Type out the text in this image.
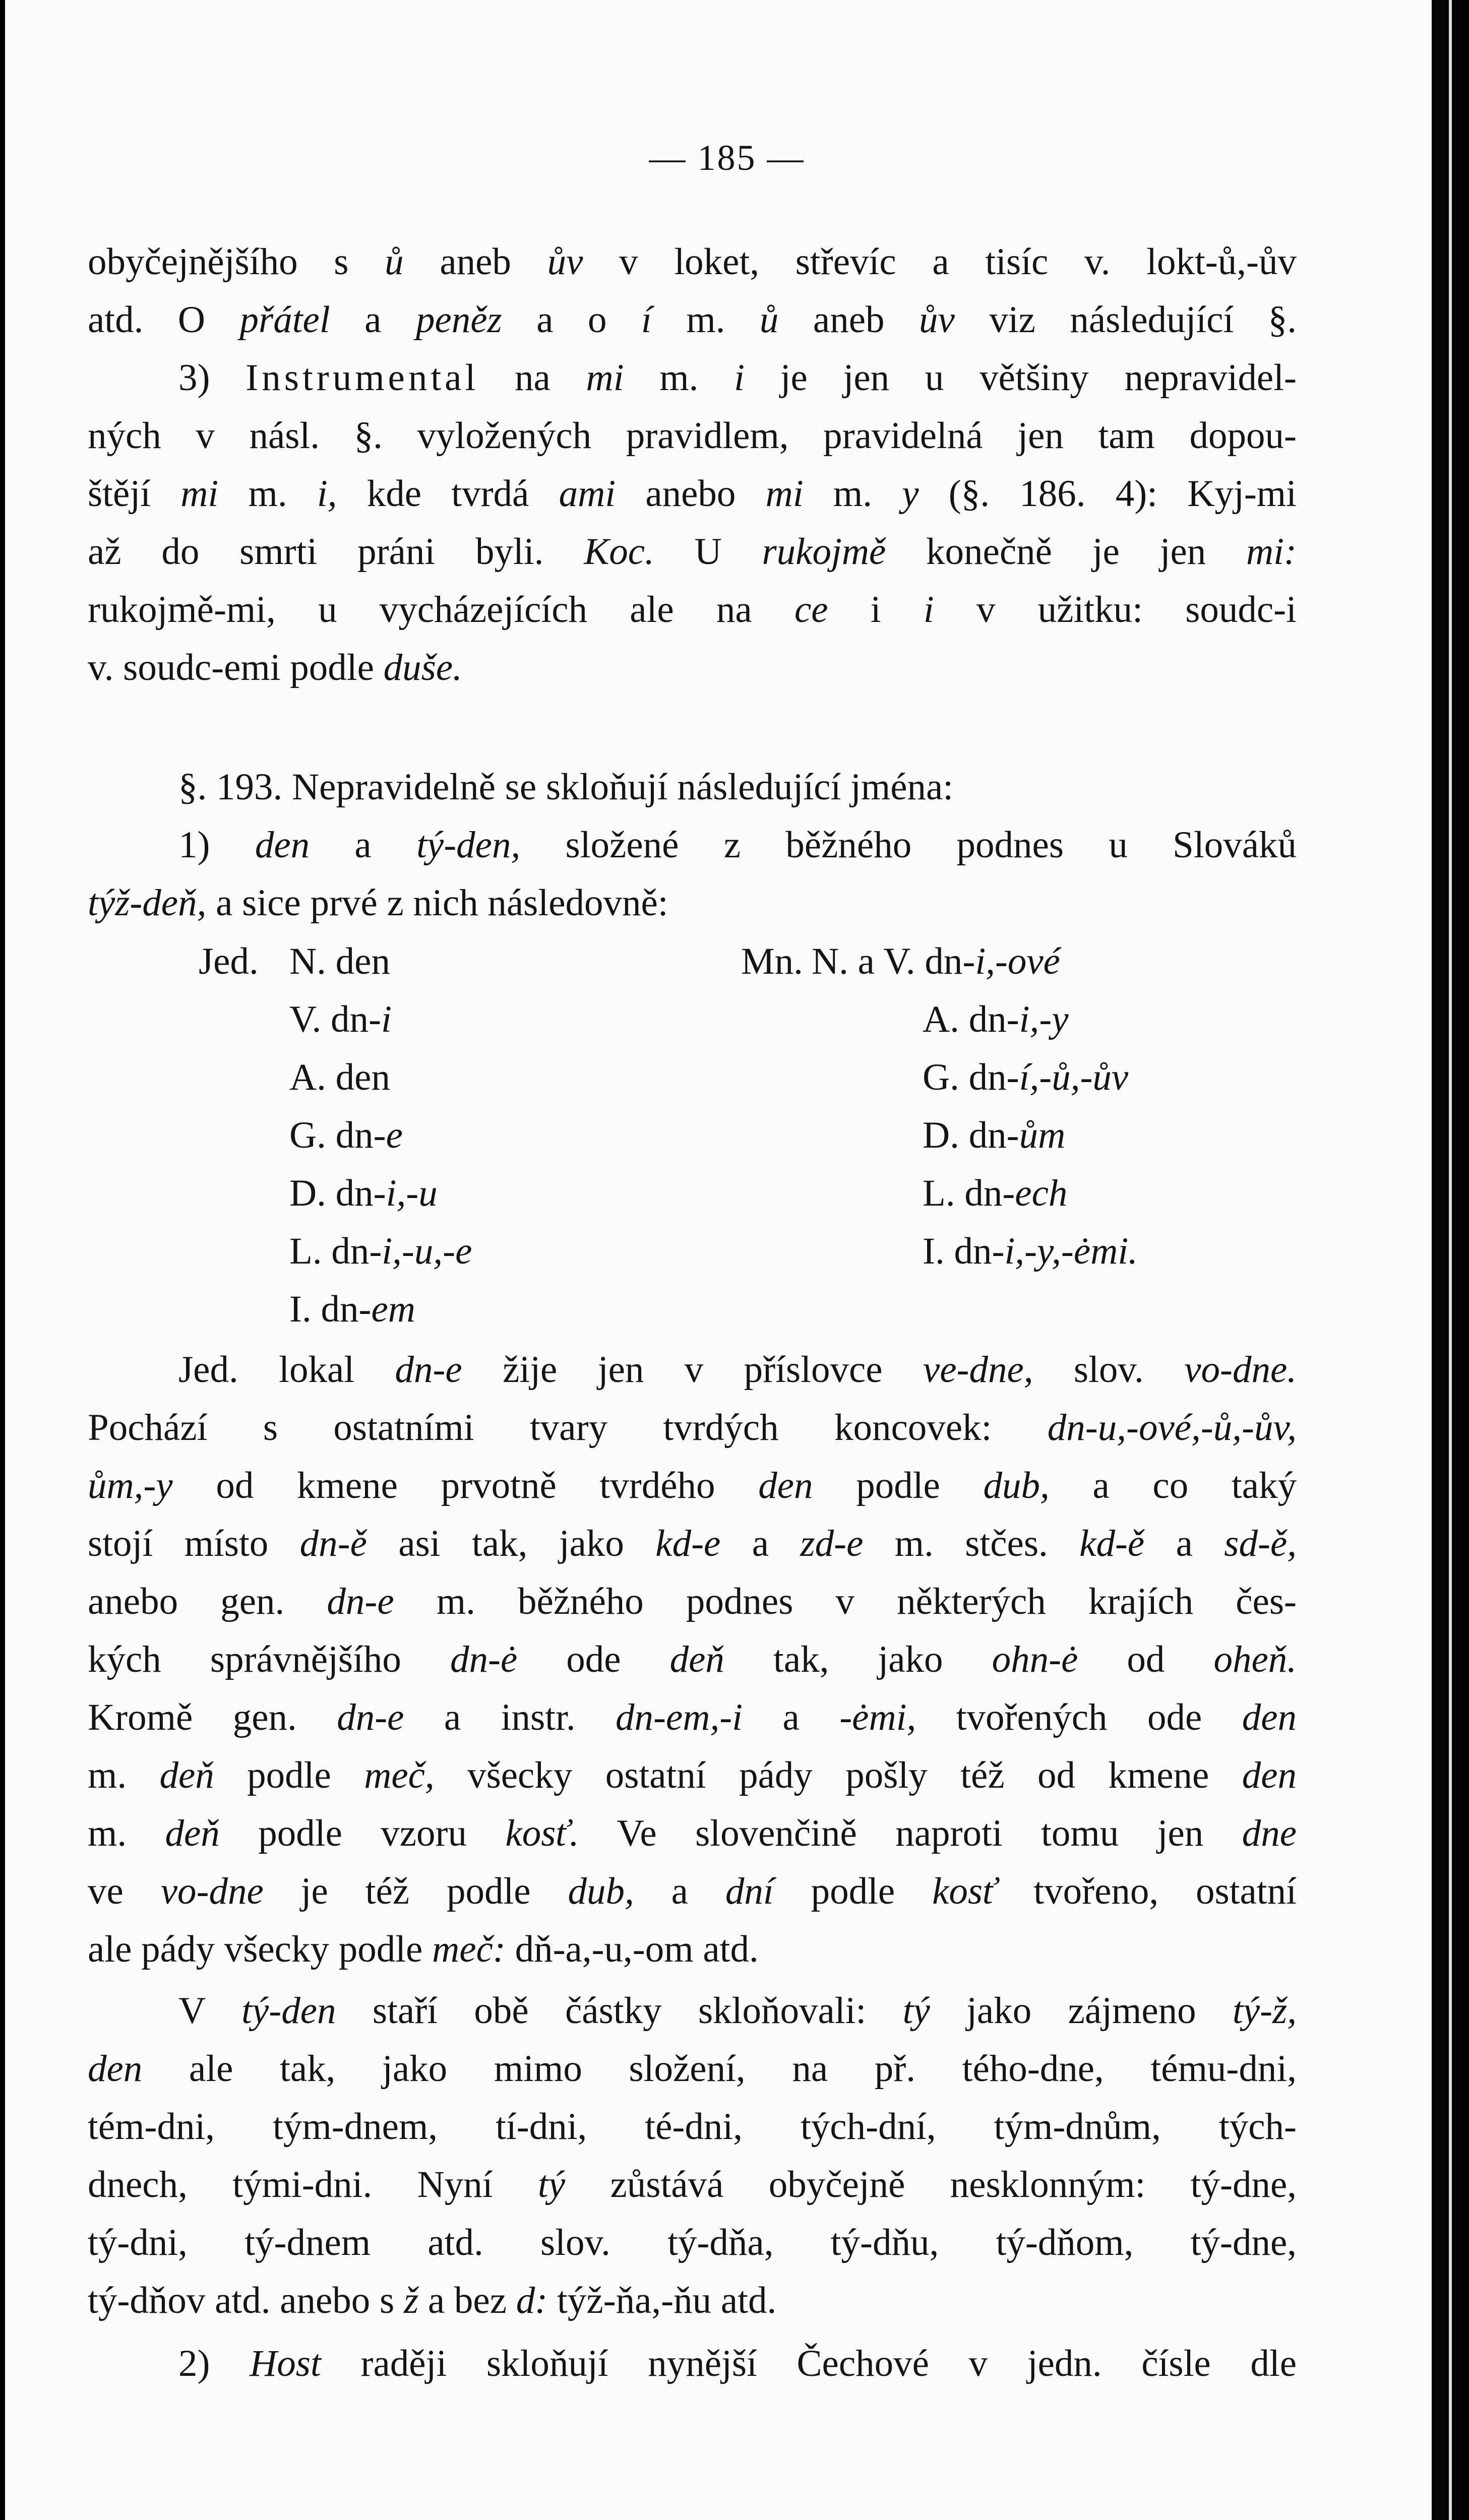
— 185 —
obyčejnějšího s ů aneb ův v loket, střevíc a tisíc v. lokt-ů,-ův
atd. O přátel a peněz a o í m. ů aneb ův viz následující §.
3) Instrumental na mi m. i je jen u většiny nepravidel-
ných v násl. §. vyložených pravidlem, pravidelná jen tam dopou-
štějí mi m. i, kde tvrdá ami anebo mi m. y (§. 186. 4): Kyj-mi
až do smrti práni byli. Koc. U rukojmě konečně je jen mi:
rukojmě-mi, u vycházejících ale na ce i i v užitku: soudc-i
v. soudc-emi podle duše.
§. 193. Nepravidelně se skloňují následující jména:
1) den a tý-den, složené z běžného podnes u Slováků
týž-deň, a sice prvé z nich následovně:
Jed. N. den
V. dn-i
A. den
G. dn-e
D. dn-i,-u
L. dn-i,-u,-e
I. dn-em
Mn. N. a V. dn-i,-ové
A. dn-i,-y
G. dn-í,-ů,-ův
D. dn-ům
L. dn-ech
I. dn-i,-y,-ėmi.
Jed. lokal dn-e žije jen v příslovce ve-dne, slov. vo-dne.
Pochází s ostatními tvary tvrdých koncovek: dn-u,-ové,-ů,-ův,
ům,-y od kmene prvotně tvrdého den podle dub, a co taký
stojí místo dn-ě asi tak, jako kd-e a zd-e m. stčes. kd-ě a sd-ě,
anebo gen. dn-e m. běžného podnes v některých krajích čes-
kých správnějšího dn-ė ode deň tak, jako ohn-ė od oheň.
Kromě gen. dn-e a instr. dn-em,-i a -ėmi, tvořených ode den
m. deň podle meč, všecky ostatní pády pošly též od kmene den
m. deň podle vzoru kosť. Ve slovenčině naproti tomu jen dne
ve vo-dne je též podle dub, a dní podle kosť tvořeno, ostatní
ale pády všecky podle meč: dň-a,-u,-om atd.
V tý-den staří obě částky skloňovali: tý jako zájmeno tý-ž,
den ale tak, jako mimo složení, na př. tého-dne, tému-dni,
tém-dni, tým-dnem, tí-dni, té-dni, tých-dní, tým-dnům, tých-
dnech, tými-dni. Nyní tý zůstává obyčejně nesklonným: tý-dne,
tý-dni, tý-dnem atd. slov. tý-dňa, tý-dňu, tý-dňom, tý-dne,
tý-dňov atd. anebo s ž a bez d: týž-ňa,-ňu atd.
2) Host raději skloňují nynější Čechové v jedn. čísle dle
